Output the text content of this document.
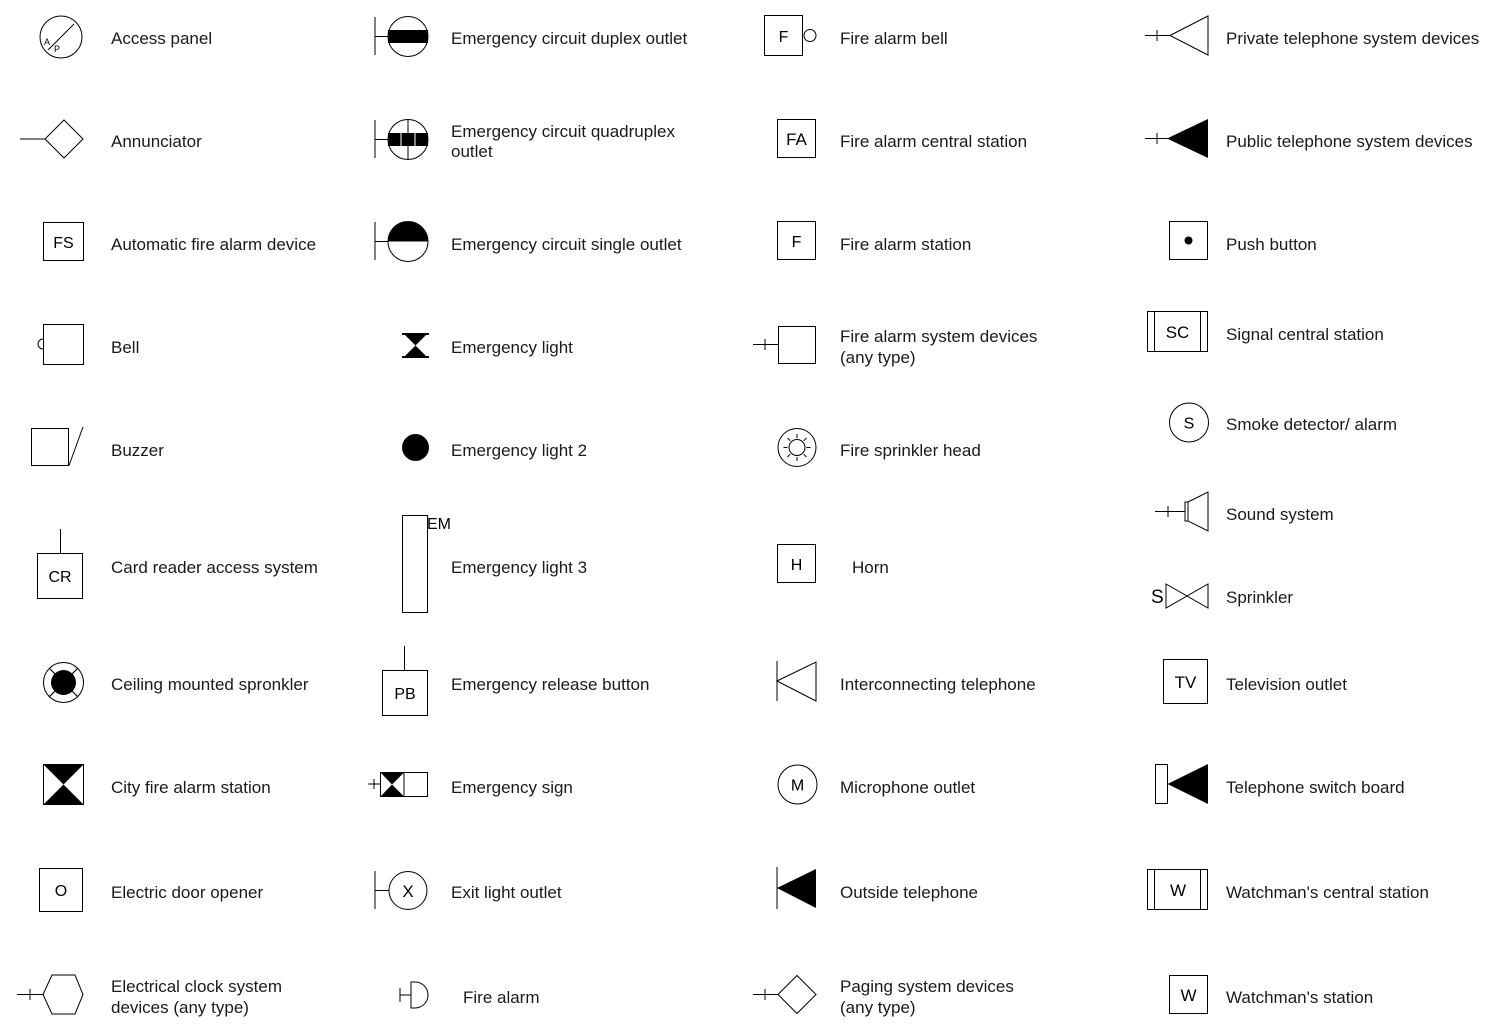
A
P
Access panel
Annunciator
FS Automatic fire alarm device
Bell
Buzzer
CR
Card reader access system
Ceiling mounted spronkler
City fire alarm station
O	Electric door opener
Electrical clock system
devices (any type)
Emergency circuit duplex outlet
Emergency circuit quadruplex
outlet
Emergency circuit single outlet
Emergency light
Emergency light 2
EM
Emergency light 3
PB
Emergency release button
Emergency sign
X Exit light outlet
Fire alarm
F	Fire alarm bell
FA Fire alarm central station
F Fire alarm station
Fire alarm system devices
(any type)
Fire sprinkler head
H	Horn
Interconnecting telephone
M Microphone outlet
Outside telephone
Paging system devices
(any type)
Private telephone system devices
Public telephone system devices
Push button
SC Signal central station
S Smoke detector/ alarm
Sound system
S	Sprinkler
TV Television outlet
Telephone switch board
W Watchman's central station
W Watchman's station
